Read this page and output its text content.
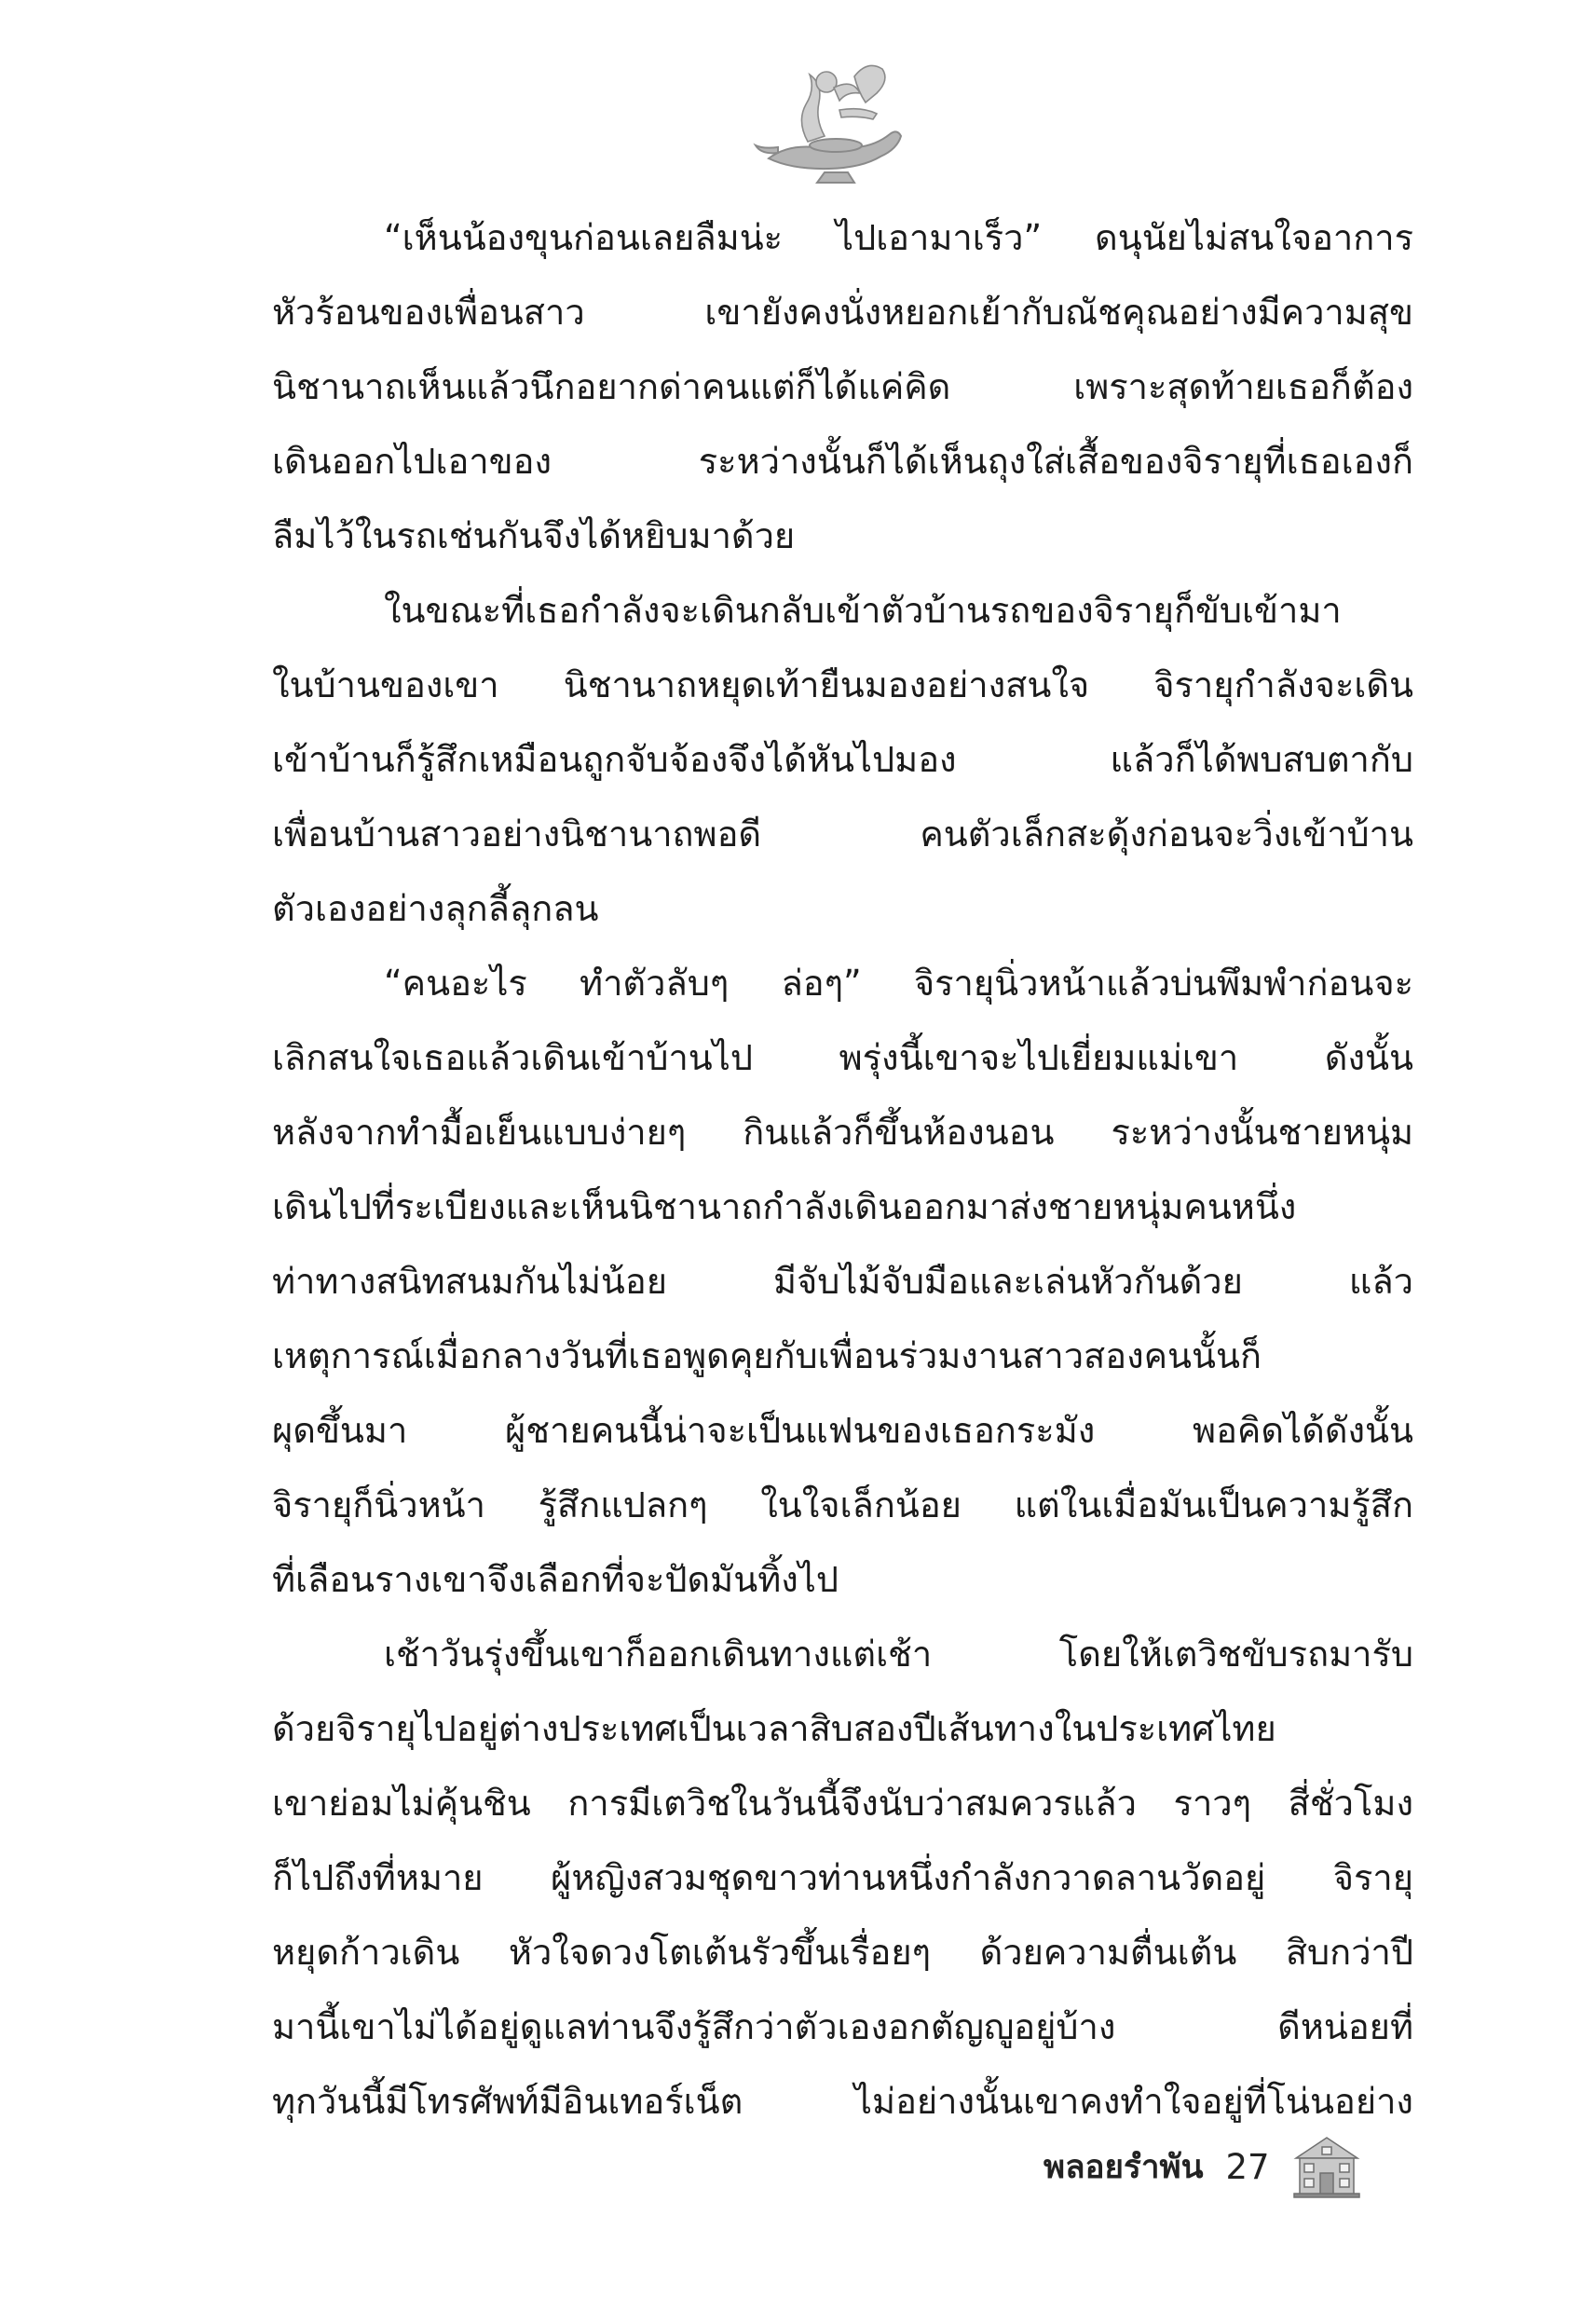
“เห็นน้องขุนก่อนเลยลืมน่ะ ไปเอามาเร็ว” ดนุนัยไม่สนใจอาการ
หัวร้อนของเพื่อนสาว เขายังคงนั่งหยอกเย้ากับณัชคุณอย่างมีความสุข
นิชานาถเห็นแล้วนึกอยากด่าคนแต่ก็ได้แค่คิด เพราะสุดท้ายเธอก็ต้อง
เดินออกไปเอาของ ระหว่างนั้นก็ได้เห็นถุงใส่เสื้อของจิรายุที่เธอเองก็
ลืมไว้ในรถเช่นกันจึงได้หยิบมาด้วย
ในขณะที่เธอกำลังจะเดินกลับเข้าตัวบ้านรถของจิรายุก็ขับเข้ามา
ในบ้านของเขา นิชานาถหยุดเท้ายืนมองอย่างสนใจ จิรายุกำลังจะเดิน
เข้าบ้านก็รู้สึกเหมือนถูกจับจ้องจึงได้หันไปมอง แล้วก็ได้พบสบตากับ
เพื่อนบ้านสาวอย่างนิชานาถพอดี คนตัวเล็กสะดุ้งก่อนจะวิ่งเข้าบ้าน
ตัวเองอย่างลุกลี้ลุกลน
“คนอะไร ทำตัวลับๆ ล่อๆ” จิรายุนิ่วหน้าแล้วบ่นพึมพำก่อนจะ
เลิกสนใจเธอแล้วเดินเข้าบ้านไป พรุ่งนี้เขาจะไปเยี่ยมแม่เขา ดังนั้น
หลังจากทำมื้อเย็นแบบง่ายๆ กินแล้วก็ขึ้นห้องนอน ระหว่างนั้นชายหนุ่ม
เดินไปที่ระเบียงและเห็นนิชานาถกำลังเดินออกมาส่งชายหนุ่มคนหนึ่ง
ท่าทางสนิทสนมกันไม่น้อย มีจับไม้จับมือและเล่นหัวกันด้วย แล้ว
เหตุการณ์เมื่อกลางวันที่เธอพูดคุยกับเพื่อนร่วมงานสาวสองคนนั้นก็
ผุดขึ้นมา ผู้ชายคนนี้น่าจะเป็นแฟนของเธอกระมัง พอคิดได้ดังนั้น
จิรายุก็นิ่วหน้า รู้สึกแปลกๆ ในใจเล็กน้อย แต่ในเมื่อมันเป็นความรู้สึก
ที่เลือนรางเขาจึงเลือกที่จะปัดมันทิ้งไป
เช้าวันรุ่งขึ้นเขาก็ออกเดินทางแต่เช้า โดยให้เตวิชขับรถมารับ
ด้วยจิรายุไปอยู่ต่างประเทศเป็นเวลาสิบสองปีเส้นทางในประเทศไทย
เขาย่อมไม่คุ้นชิน การมีเตวิชในวันนี้จึงนับว่าสมควรแล้ว ราวๆ สี่ชั่วโมง
ก็ไปถึงที่หมาย ผู้หญิงสวมชุดขาวท่านหนึ่งกำลังกวาดลานวัดอยู่ จิรายุ
หยุดก้าวเดิน หัวใจดวงโตเต้นรัวขึ้นเรื่อยๆ ด้วยความตื่นเต้น สิบกว่าปี
มานี้เขาไม่ได้อยู่ดูแลท่านจึงรู้สึกว่าตัวเองอกตัญญูอยู่บ้าง ดีหน่อยที่
ทุกวันนี้มีโทรศัพท์มีอินเทอร์เน็ต ไม่อย่างนั้นเขาคงทำใจอยู่ที่โน่นอย่าง
พลอยรำพัน 27
